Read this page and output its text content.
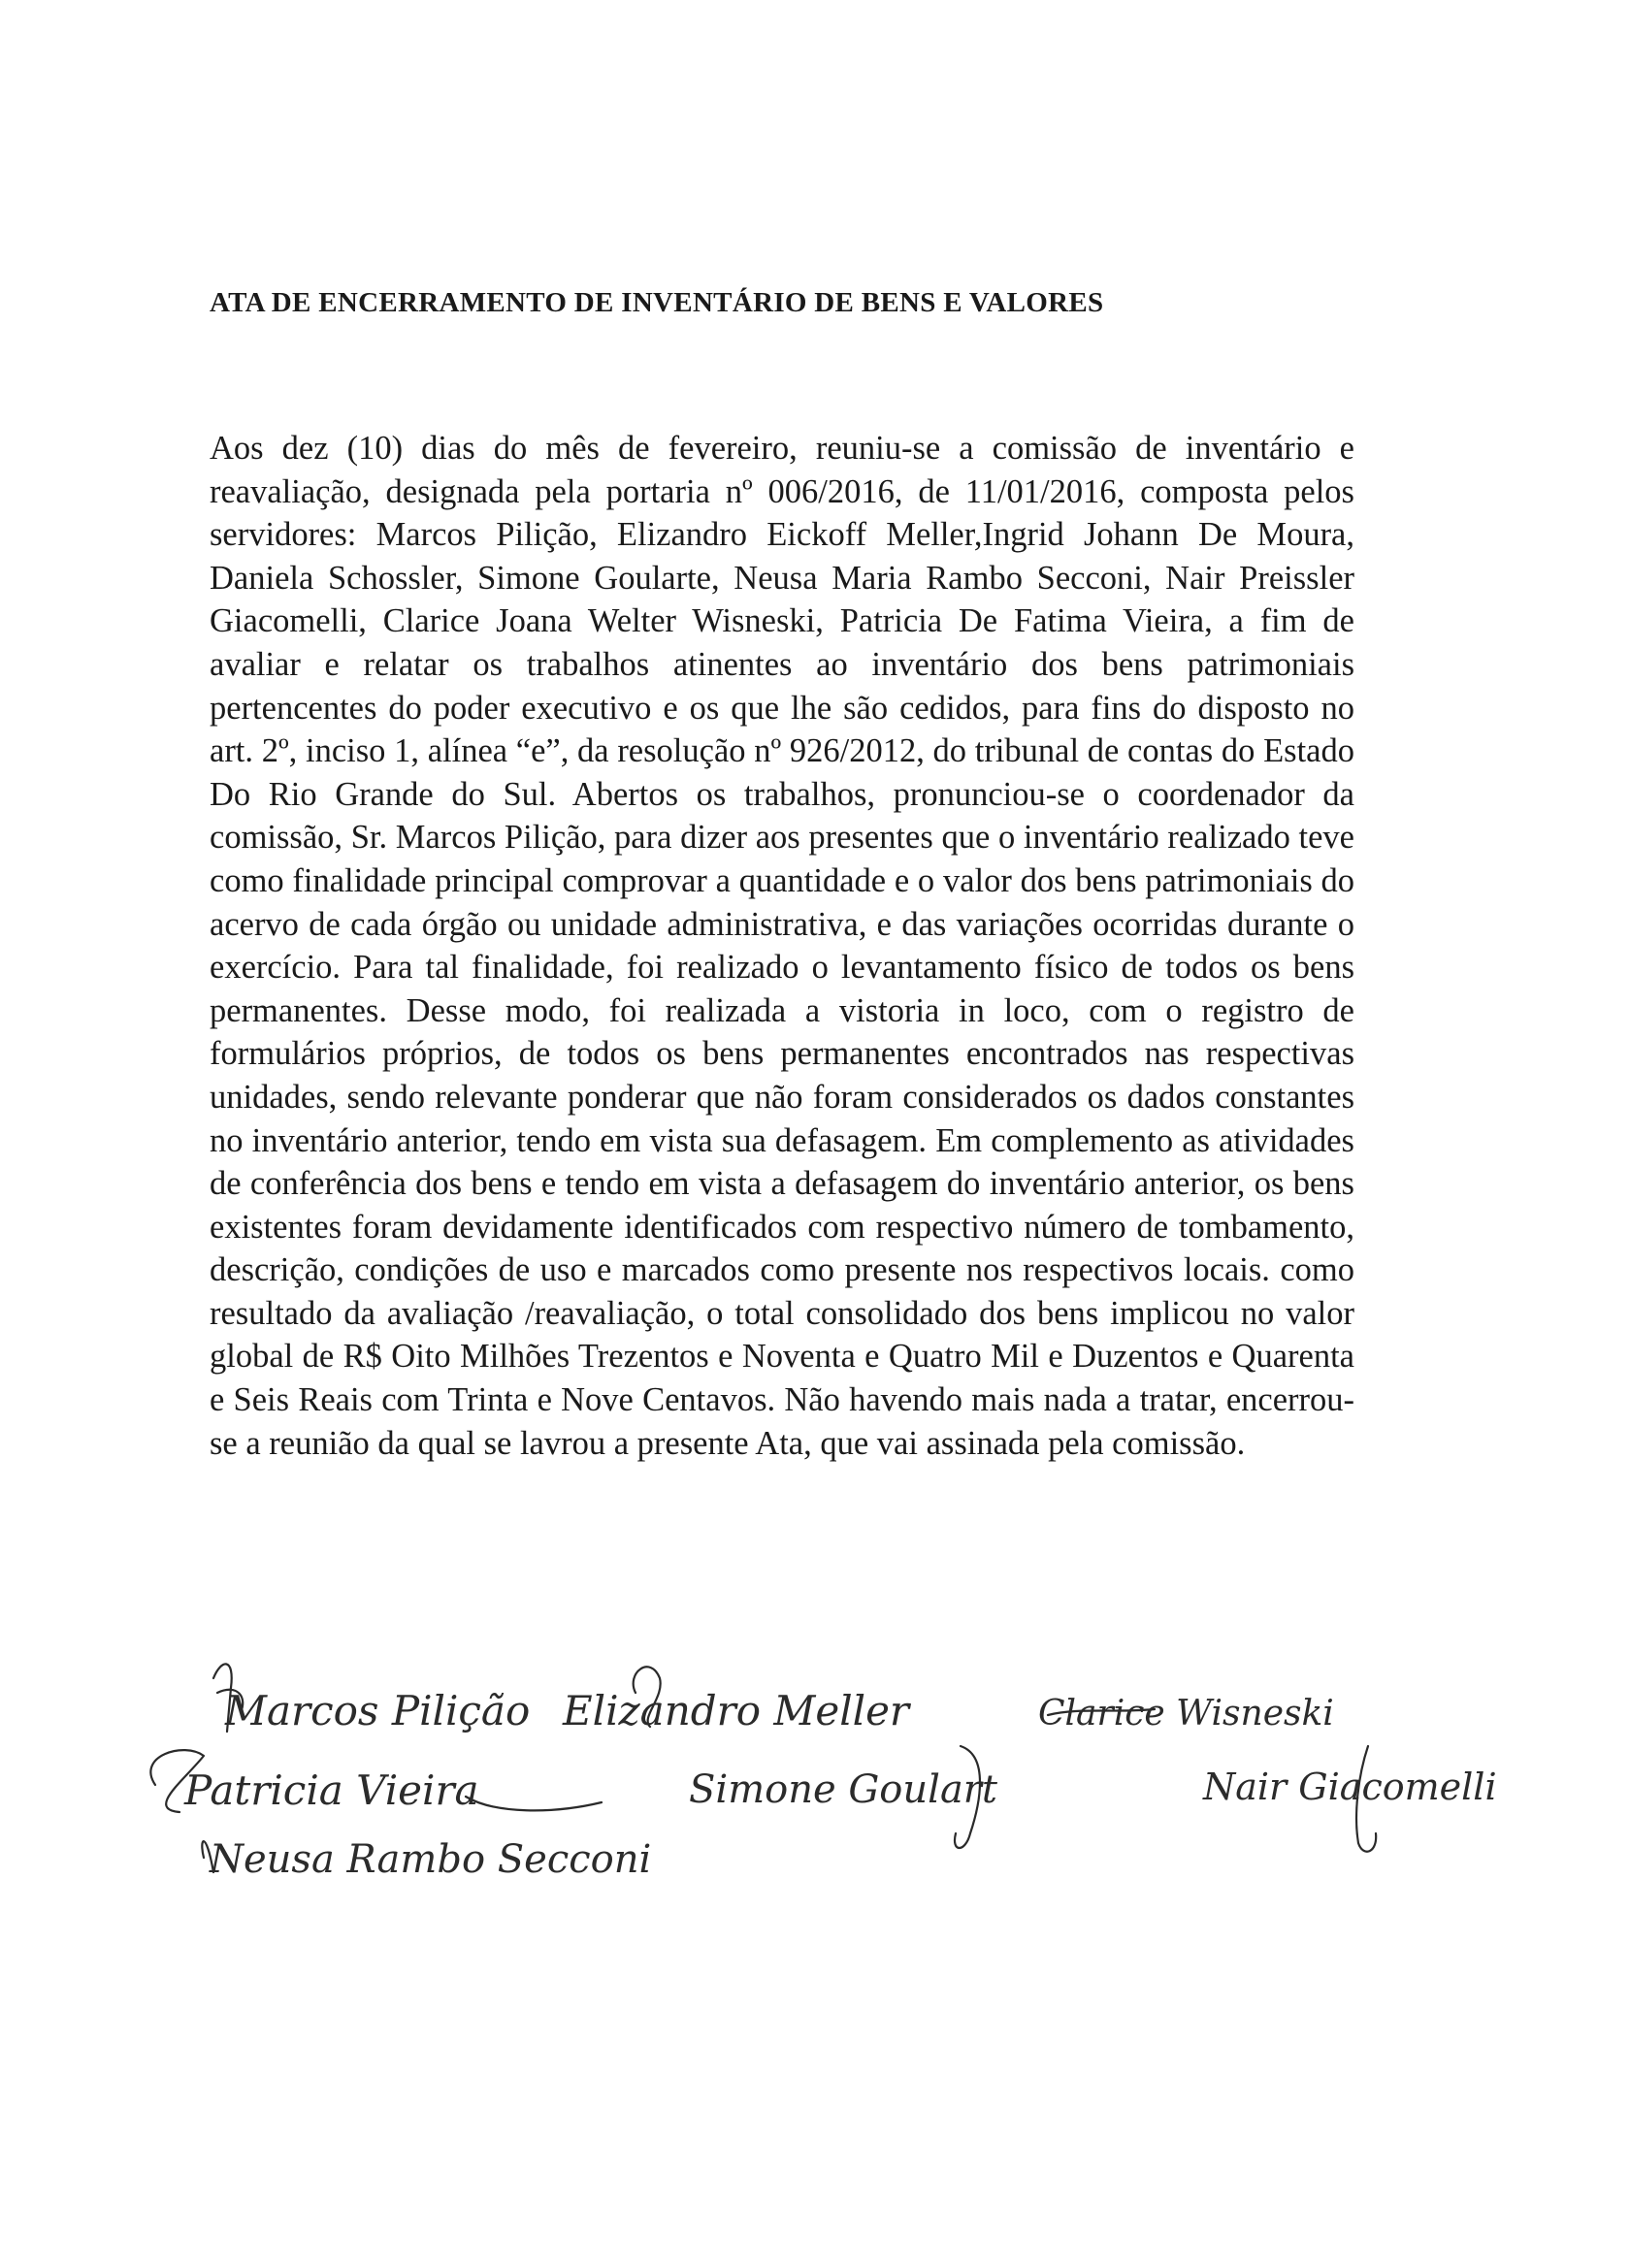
ATA DE ENCERRAMENTO DE INVENTÁRIO DE BENS E VALORES
Aos dez (10) dias do mês de fevereiro, reuniu-se a comissão de inventário e reavaliação, designada pela portaria nº 006/2016, de 11/01/2016, composta pelos servidores: Marcos Pilição, Elizandro Eickoff Meller,Ingrid Johann De Moura, Daniela Schossler, Simone Goularte, Neusa Maria Rambo Secconi, Nair Preissler Giacomelli, Clarice Joana Welter Wisneski, Patricia De Fatima Vieira, a fim de avaliar e relatar os trabalhos atinentes ao inventário dos bens patrimoniais pertencentes do poder executivo e os que lhe são cedidos, para fins do disposto no art. 2º, inciso 1, alínea “e”, da resolução nº 926/2012, do tribunal de contas do Estado Do Rio Grande do Sul. Abertos os trabalhos, pronunciou-se o coordenador da comissão, Sr. Marcos Pilição, para dizer aos presentes que o inventário realizado teve como finalidade principal comprovar a quantidade e o valor dos bens patrimoniais do acervo de cada órgão ou unidade administrativa, e das variações ocorridas durante o exercício. Para tal finalidade, foi realizado o levantamento físico de todos os bens permanentes. Desse modo, foi realizada a vistoria in loco, com o registro de formulários próprios, de todos os bens permanentes encontrados nas respectivas unidades, sendo relevante ponderar que não foram considerados os dados constantes no inventário anterior, tendo em vista sua defasagem. Em complemento as atividades de conferência dos bens e tendo em vista a defasagem do inventário anterior, os bens existentes foram devidamente identificados com respectivo número de tombamento, descrição, condições de uso e marcados como presente nos respectivos locais. como resultado da avaliação /reavaliação, o total consolidado dos bens implicou no valor global de R$ Oito Milhões Trezentos e Noventa e Quatro Mil e Duzentos e Quarenta e Seis Reais com Trinta e Nove Centavos. Não havendo mais nada a tratar, encerrou-se a reunião da qual se lavrou a presente Ata, que vai assinada pela comissão.
Marcos Pilição Elizandro Meller	Clarice Wisneski
Patricia Vieira	Simone Goulart	Nair Giacomelli
Neusa Rambo Secconi
